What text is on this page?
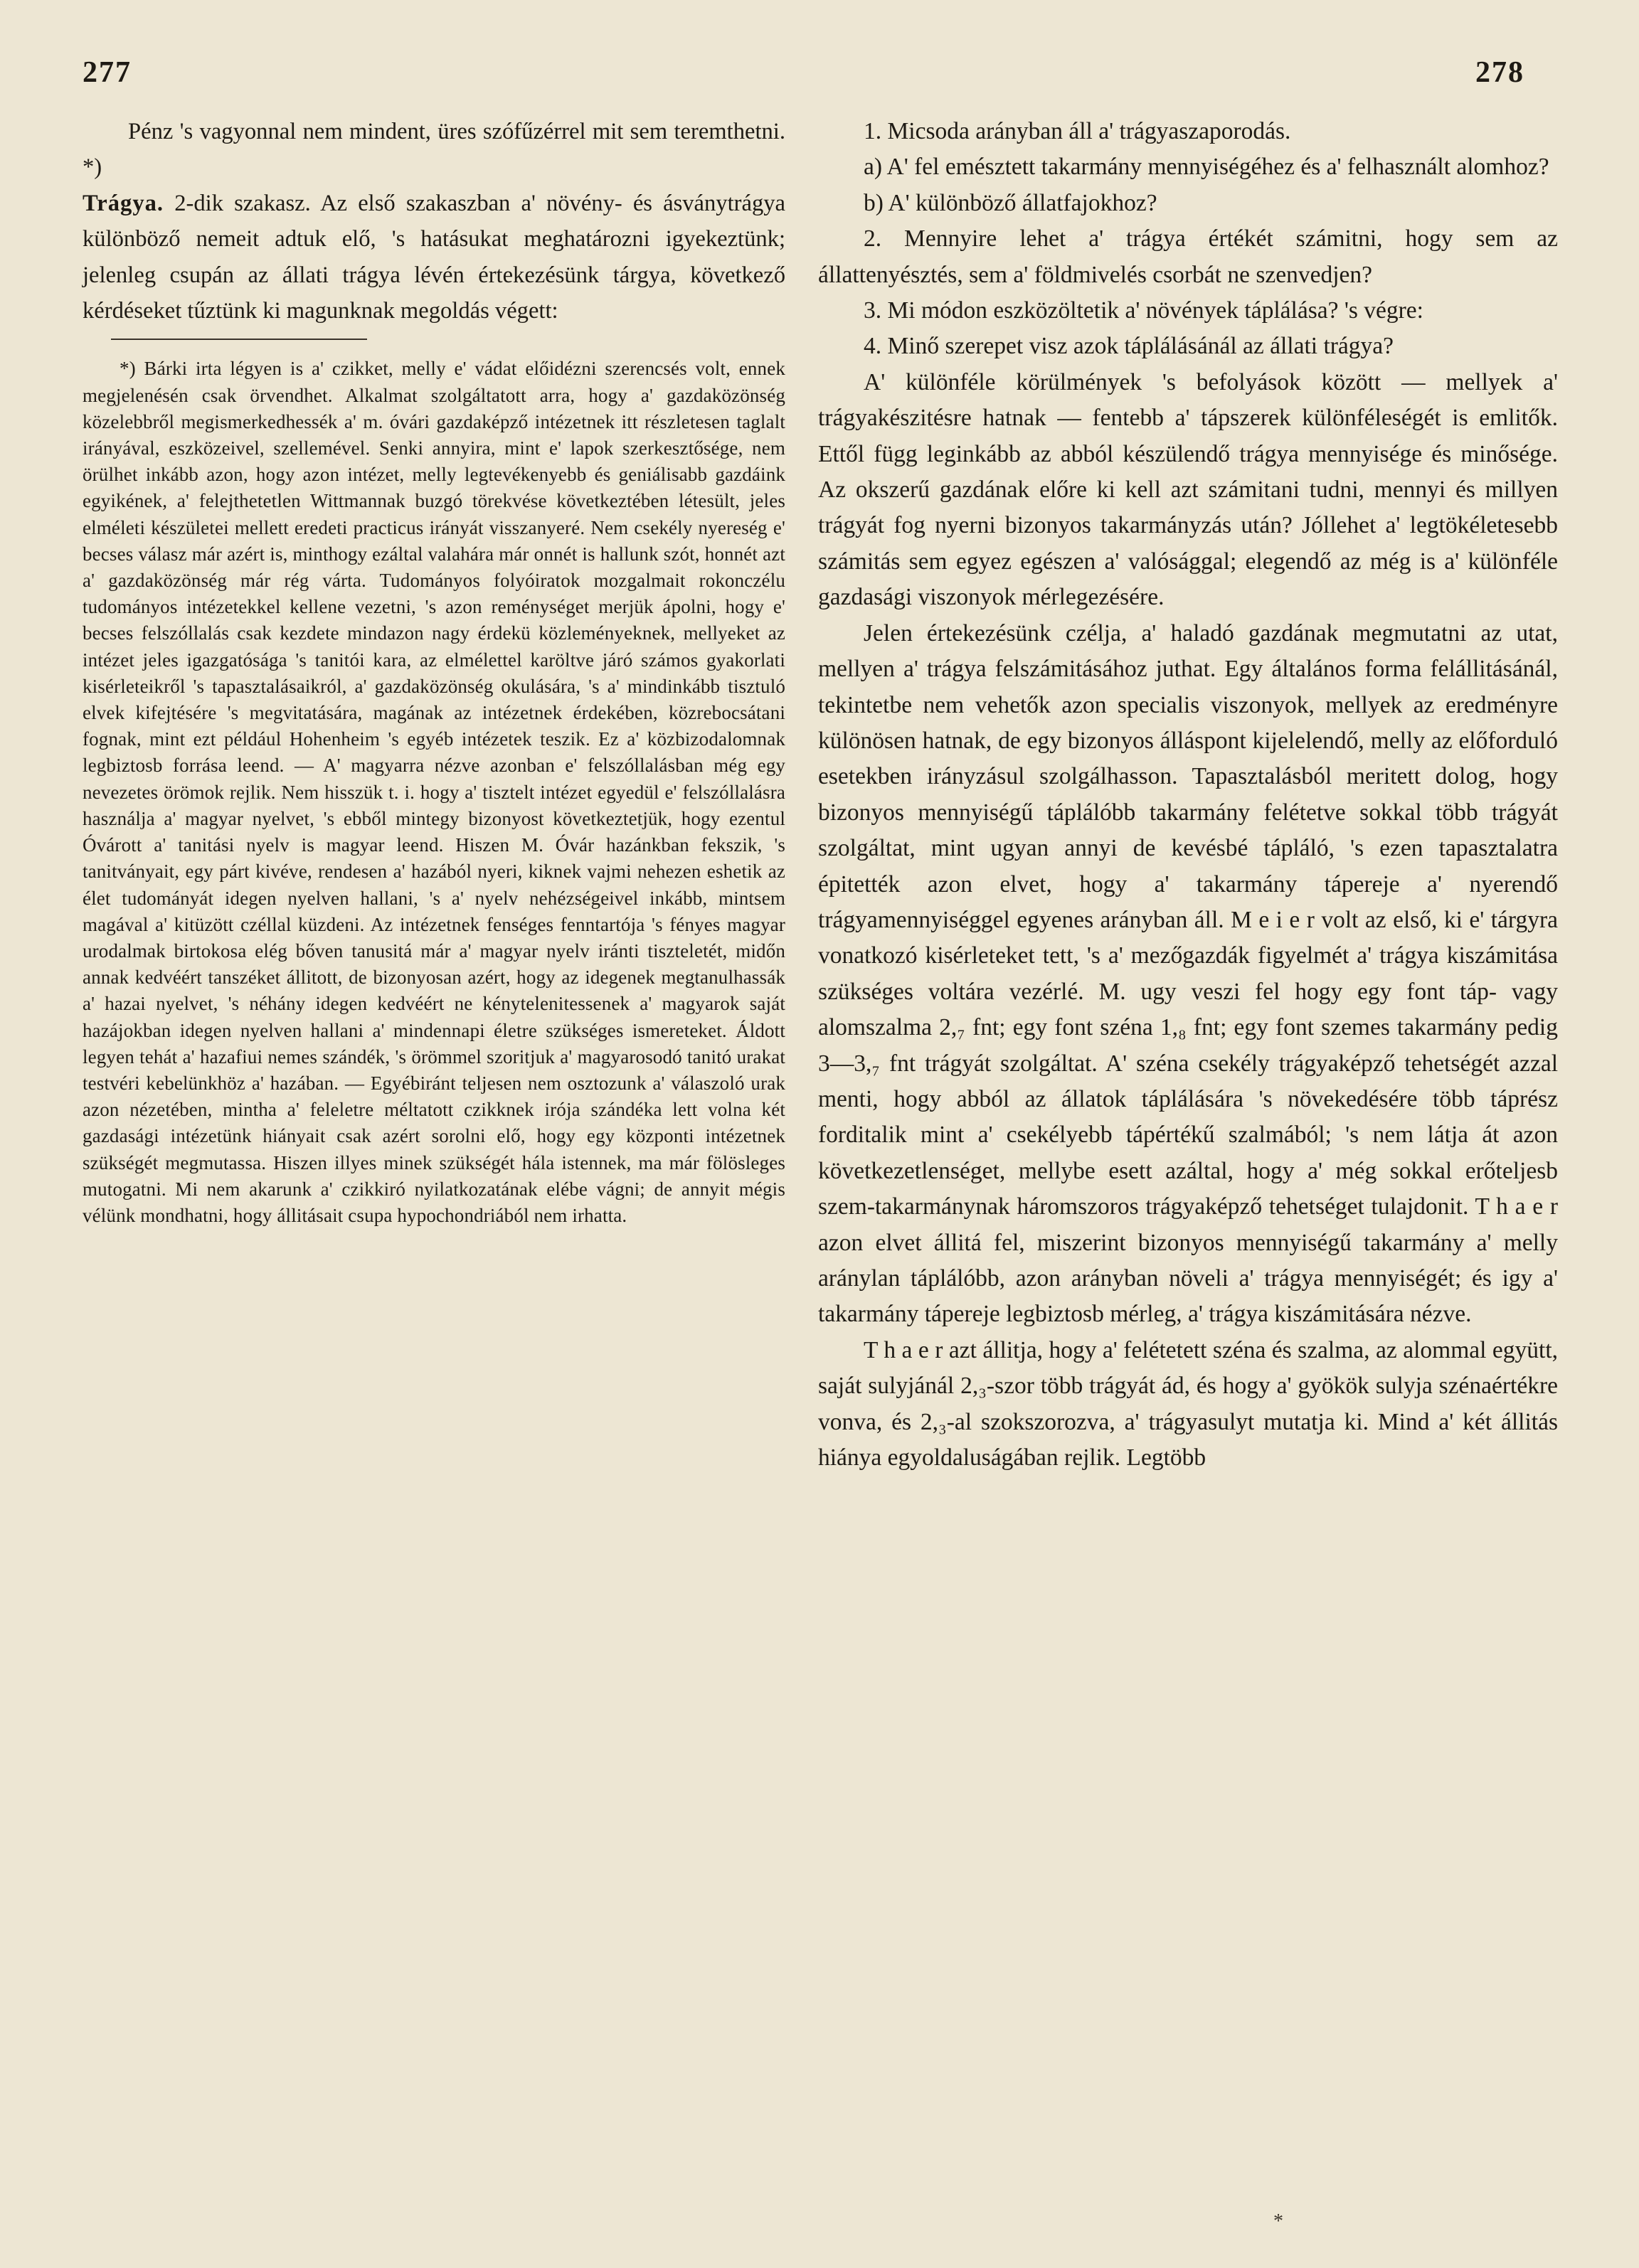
277	278

Pénz 's vagyonnal nem mindent, üres szófűzérrel mit sem teremthetni. *)

Trágya. 2-dik szakasz. Az első szakaszban a' növény- és ásványtrágya különböző nemeit adtuk elő, 's hatásukat meghatározni igyekeztünk; jelenleg csupán az állati trágya lévén értekezésünk tárgya, következő kérdéseket tűztünk ki magunknak megoldás végett:

*) Bárki irta légyen is a' czikket, melly e' vádat előidézni szerencsés volt, ennek megjelenésén csak örvendhet. Alkalmat szolgáltatott arra, hogy a' gazdaközönség közelebbről megismerkedhessék a' m. óvári gazdaképző intézetnek itt részletesen taglalt irányával, eszközeivel, szellemével. Senki annyira, mint e' lapok szerkesztősége, nem örülhet inkább azon, hogy azon intézet, melly legtevékenyebb és geniálisabb gazdáink egyikének, a' felejthetetlen Wittmannak buzgó törekvése következtében létesült, jeles elméleti készületei mellett eredeti practicus irányát visszanyeré. Nem csekély nyereség e' becses válasz már azért is, minthogy ezáltal valahára már onnét is hallunk szót, honnét azt a' gazdaközönség már rég várta. Tudományos folyóiratok mozgalmait rokonczélu tudományos intézetekkel kellene vezetni, 's azon reménységet merjük ápolni, hogy e' becses felszóllalás csak kezdete mindazon nagy érdekü közleményeknek, mellyeket az intézet jeles igazgatósága 's tanitói kara, az elmélettel karöltve járó számos gyakorlati kisérleteikről 's tapasztalásaikról, a' gazdaközönség okulására, 's a' mindinkább tisztuló elvek kifejtésére 's megvitatására, magának az intézetnek érdekében, közrebocsátani fognak, mint ezt például Hohenheim 's egyéb intézetek teszik. Ez a' közbizodalomnak legbiztosb forrása leend. — A' magyarra nézve azonban e' felszóllalásban még egy nevezetes örömok rejlik. Nem hisszük t. i. hogy a' tisztelt intézet egyedül e' felszóllalásra használja a' magyar nyelvet, 's ebből mintegy bizonyost következtetjük, hogy ezentul Óvárott a' tanitási nyelv is magyar leend. Hiszen M. Óvár hazánkban fekszik, 's tanitványait, egy párt kivéve, rendesen a' hazából nyeri, kiknek vajmi nehezen eshetik az élet tudományát idegen nyelven hallani, 's a' nyelv nehézségeivel inkább, mintsem magával a' kitüzött czéllal küzdeni. Az intézetnek fenséges fenntartója 's fényes magyar urodalmak birtokosa elég bőven tanusitá már a' magyar nyelv iránti tiszteletét, midőn annak kedvéért tanszéket állitott, de bizonyosan azért, hogy az idegenek megtanulhassák a' hazai nyelvet, 's néhány idegen kedvéért ne kénytelenitessenek a' magyarok saját hazájokban idegen nyelven hallani a' mindennapi életre szükséges ismereteket. Áldott legyen tehát a' hazafiui nemes szándék, 's örömmel szoritjuk a' magyarosodó tanitó urakat testvéri kebelünkhöz a' hazában. — Egyébiránt teljesen nem osztozunk a' válaszoló urak azon nézetében, mintha a' feleletre méltatott czikknek irója szándéka lett volna két gazdasági intézetünk hiányait csak azért sorolni elő, hogy egy központi intézetnek szükségét megmutassa. Hiszen illyes minek szükségét hála istennek, ma már fölösleges mutogatni. Mi nem akarunk a' czikkiró nyilatkozatának elébe vágni; de annyit mégis vélünk mondhatni, hogy állitásait csupa hypochondriából nem irhatta.

1. Micsoda arányban áll a' trágyaszaporodás.

a) A' fel emésztett takarmány mennyiségéhez és a' felhasznált alomhoz?

b) A' különböző állatfajokhoz?

2. Mennyire lehet a' trágya értékét számitni, hogy sem az állattenyésztés, sem a' földmivelés csorbát ne szenvedjen?

3. Mi módon eszközöltetik a' növények táplálása? 's végre:

4. Minő szerepet visz azok táplálásánál az állati trágya?

A' különféle körülmények 's befolyások között — mellyek a' trágyakészitésre hatnak — fentebb a' tápszerek különféleségét is emlitők. Ettől függ leginkább az abból készülendő trágya mennyisége és minősége. Az okszerű gazdának előre ki kell azt számitani tudni, mennyi és millyen trágyát fog nyerni bizonyos takarmányzás után? Jóllehet a' legtökéletesebb számitás sem egyez egészen a' valósággal; elegendő az még is a' különféle gazdasági viszonyok mérlegezésére.

Jelen értekezésünk czélja, a' haladó gazdának megmutatni az utat, mellyen a' trágya felszámitásához juthat. Egy általános forma felállitásánál, tekintetbe nem vehetők azon specialis viszonyok, mellyek az eredményre különösen hatnak, de egy bizonyos álláspont kijelelendő, melly az előforduló esetekben irányzásul szolgálhasson. Tapasztalásból meritett dolog, hogy bizonyos mennyiségű táplálóbb takarmány felétetve sokkal több trágyát szolgáltat, mint ugyan annyi de kevésbé tápláló, 's ezen tapasztalatra épitették azon elvet, hogy a' takarmány tápereje a' nyerendő trágyamennyiséggel egyenes arányban áll. M e i e r volt az első, ki e' tárgyra vonatkozó kisérleteket tett, 's a' mezőgazdák figyelmét a' trágya kiszámitása szükséges voltára vezérlé. M. ugy veszi fel hogy egy font táp- vagy alomszalma 2,₇ fnt; egy font széna 1,₈ fnt; egy font szemes takarmány pedig 3—3,₇ fnt trágyát szolgáltat. A' széna csekély trágyaképző tehetségét azzal menti, hogy abból az állatok táplálására 's növekedésére több táprész forditalik mint a' csekélyebb tápértékű szalmából; 's nem látja át azon következetlenséget, mellybe esett azáltal, hogy a' még sokkal erőteljesb szem-takarmánynak háromszoros trágyaképző tehetséget tulajdonit. T h a e r azon elvet állitá fel, miszerint bizonyos mennyiségű takarmány a' melly aránylan táplálóbb, azon arányban növeli a' trágya mennyiségét; és igy a' takarmány tápereje legbiztosb mérleg, a' trágya kiszámitására nézve.

T h a e r azt állitja, hogy a' felétetett széna és szalma, az alommal együtt, saját sulyjánál 2,₃-szor több trágyát ád, és hogy a' gyökök sulyja szénaértékre vonva, és 2,₃-al szokszorozva, a' trágyasulyt mutatja ki. Mind a' két állitás hiánya egyoldaluságában rejlik. Legtöbb

*
